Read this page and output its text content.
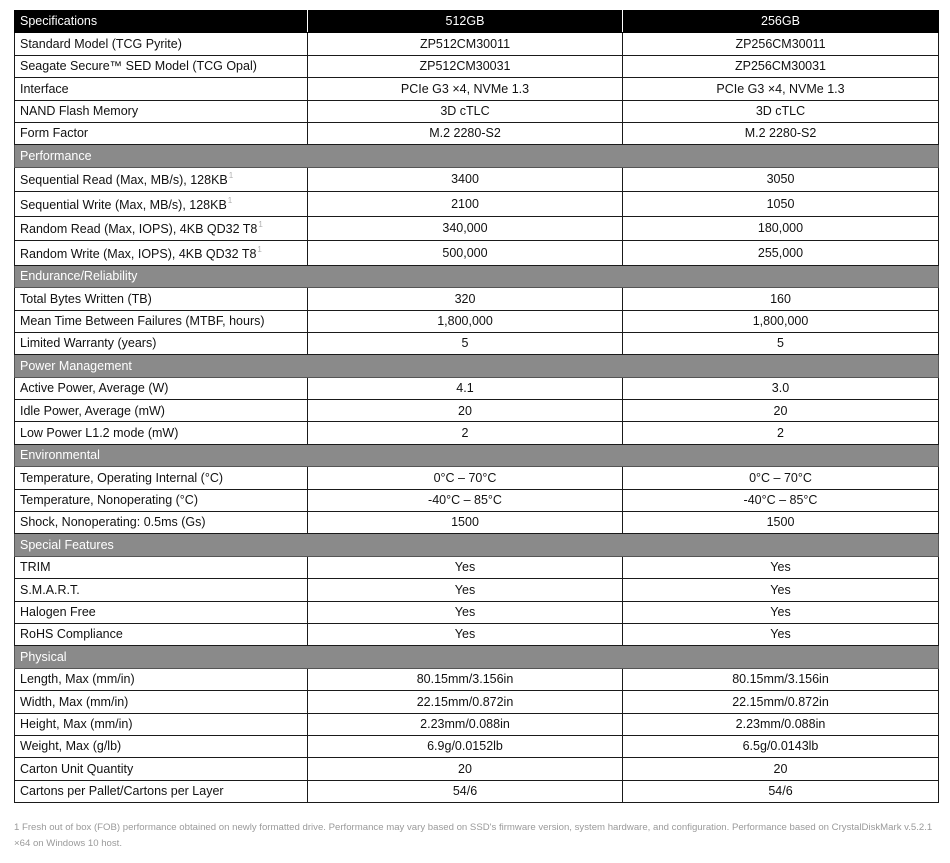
Specifications	512GB	256GB
Standard Model (TCG Pyrite)	ZP512CM30011	ZP256CM30011
Seagate Secure™ SED Model (TCG Opal)	ZP512CM30031	ZP256CM30031
Interface	PCIe G3 ×4, NVMe 1.3	PCIe G3 ×4, NVMe 1.3
NAND Flash Memory	3D cTLC	3D cTLC
Form Factor	M.2 2280-S2	M.2 2280-S2
Performance		
Sequential Read (Max, MB/s), $128KB^1$	3400	3050
Sequential Write (Max, MB/s), $128KB^1$	2100	1050
Random Read (Max, IOPS), 4KB QD32 $T8^1$	340,000	180,000
Random Write (Max, IOPS), 4KB QD32 $T8^1$	500,000	255,000
Endurance/Reliability		
Total Bytes Written (TB)	320	160
Mean Time Between Failures (MTBF, hours)	1,800,000	1,800,000
Limited Warranty (years)	5	5
Power Management		
Active Power, Average (W)	4.1	3.0
Idle Power, Average (mW)	20	20
Low Power L1.2 mode (mW)	2	2
Environmental		
Temperature, Operating Internal (°C)	0°C – 70°C	0°C – 70°C
Temperature, Nonoperating (°C)	-40°C – 85°C	-40°C – 85°C
Shock, Nonoperating: 0.5ms (Gs)	1500	1500
Special Features		
TRIM	Yes	Yes
S.M.A.R.T.	Yes	Yes
Halogen Free	Yes	Yes
RoHS Compliance	Yes	Yes
Physical		
Length, Max (mm/in)	80.15mm/3.156in	80.15mm/3.156in
Width, Max (mm/in)	22.15mm/0.872in	22.15mm/0.872in
Height, Max (mm/in)	2.23mm/0.088in	2.23mm/0.088in
Weight, Max (g/lb)	6.9g/0.0152lb	6.5g/0.0143lb
Carton Unit Quantity	20	20
Cartons per Pallet/Cartons per Layer	54/6	54/6
1 Fresh out of box (FOB) performance obtained on newly formatted drive. Performance may vary based on SSD's firmware version, system hardware, and configuration. Performance based on CrystalDiskMark v.5.2.1 ×64 on Windows 10 host.
